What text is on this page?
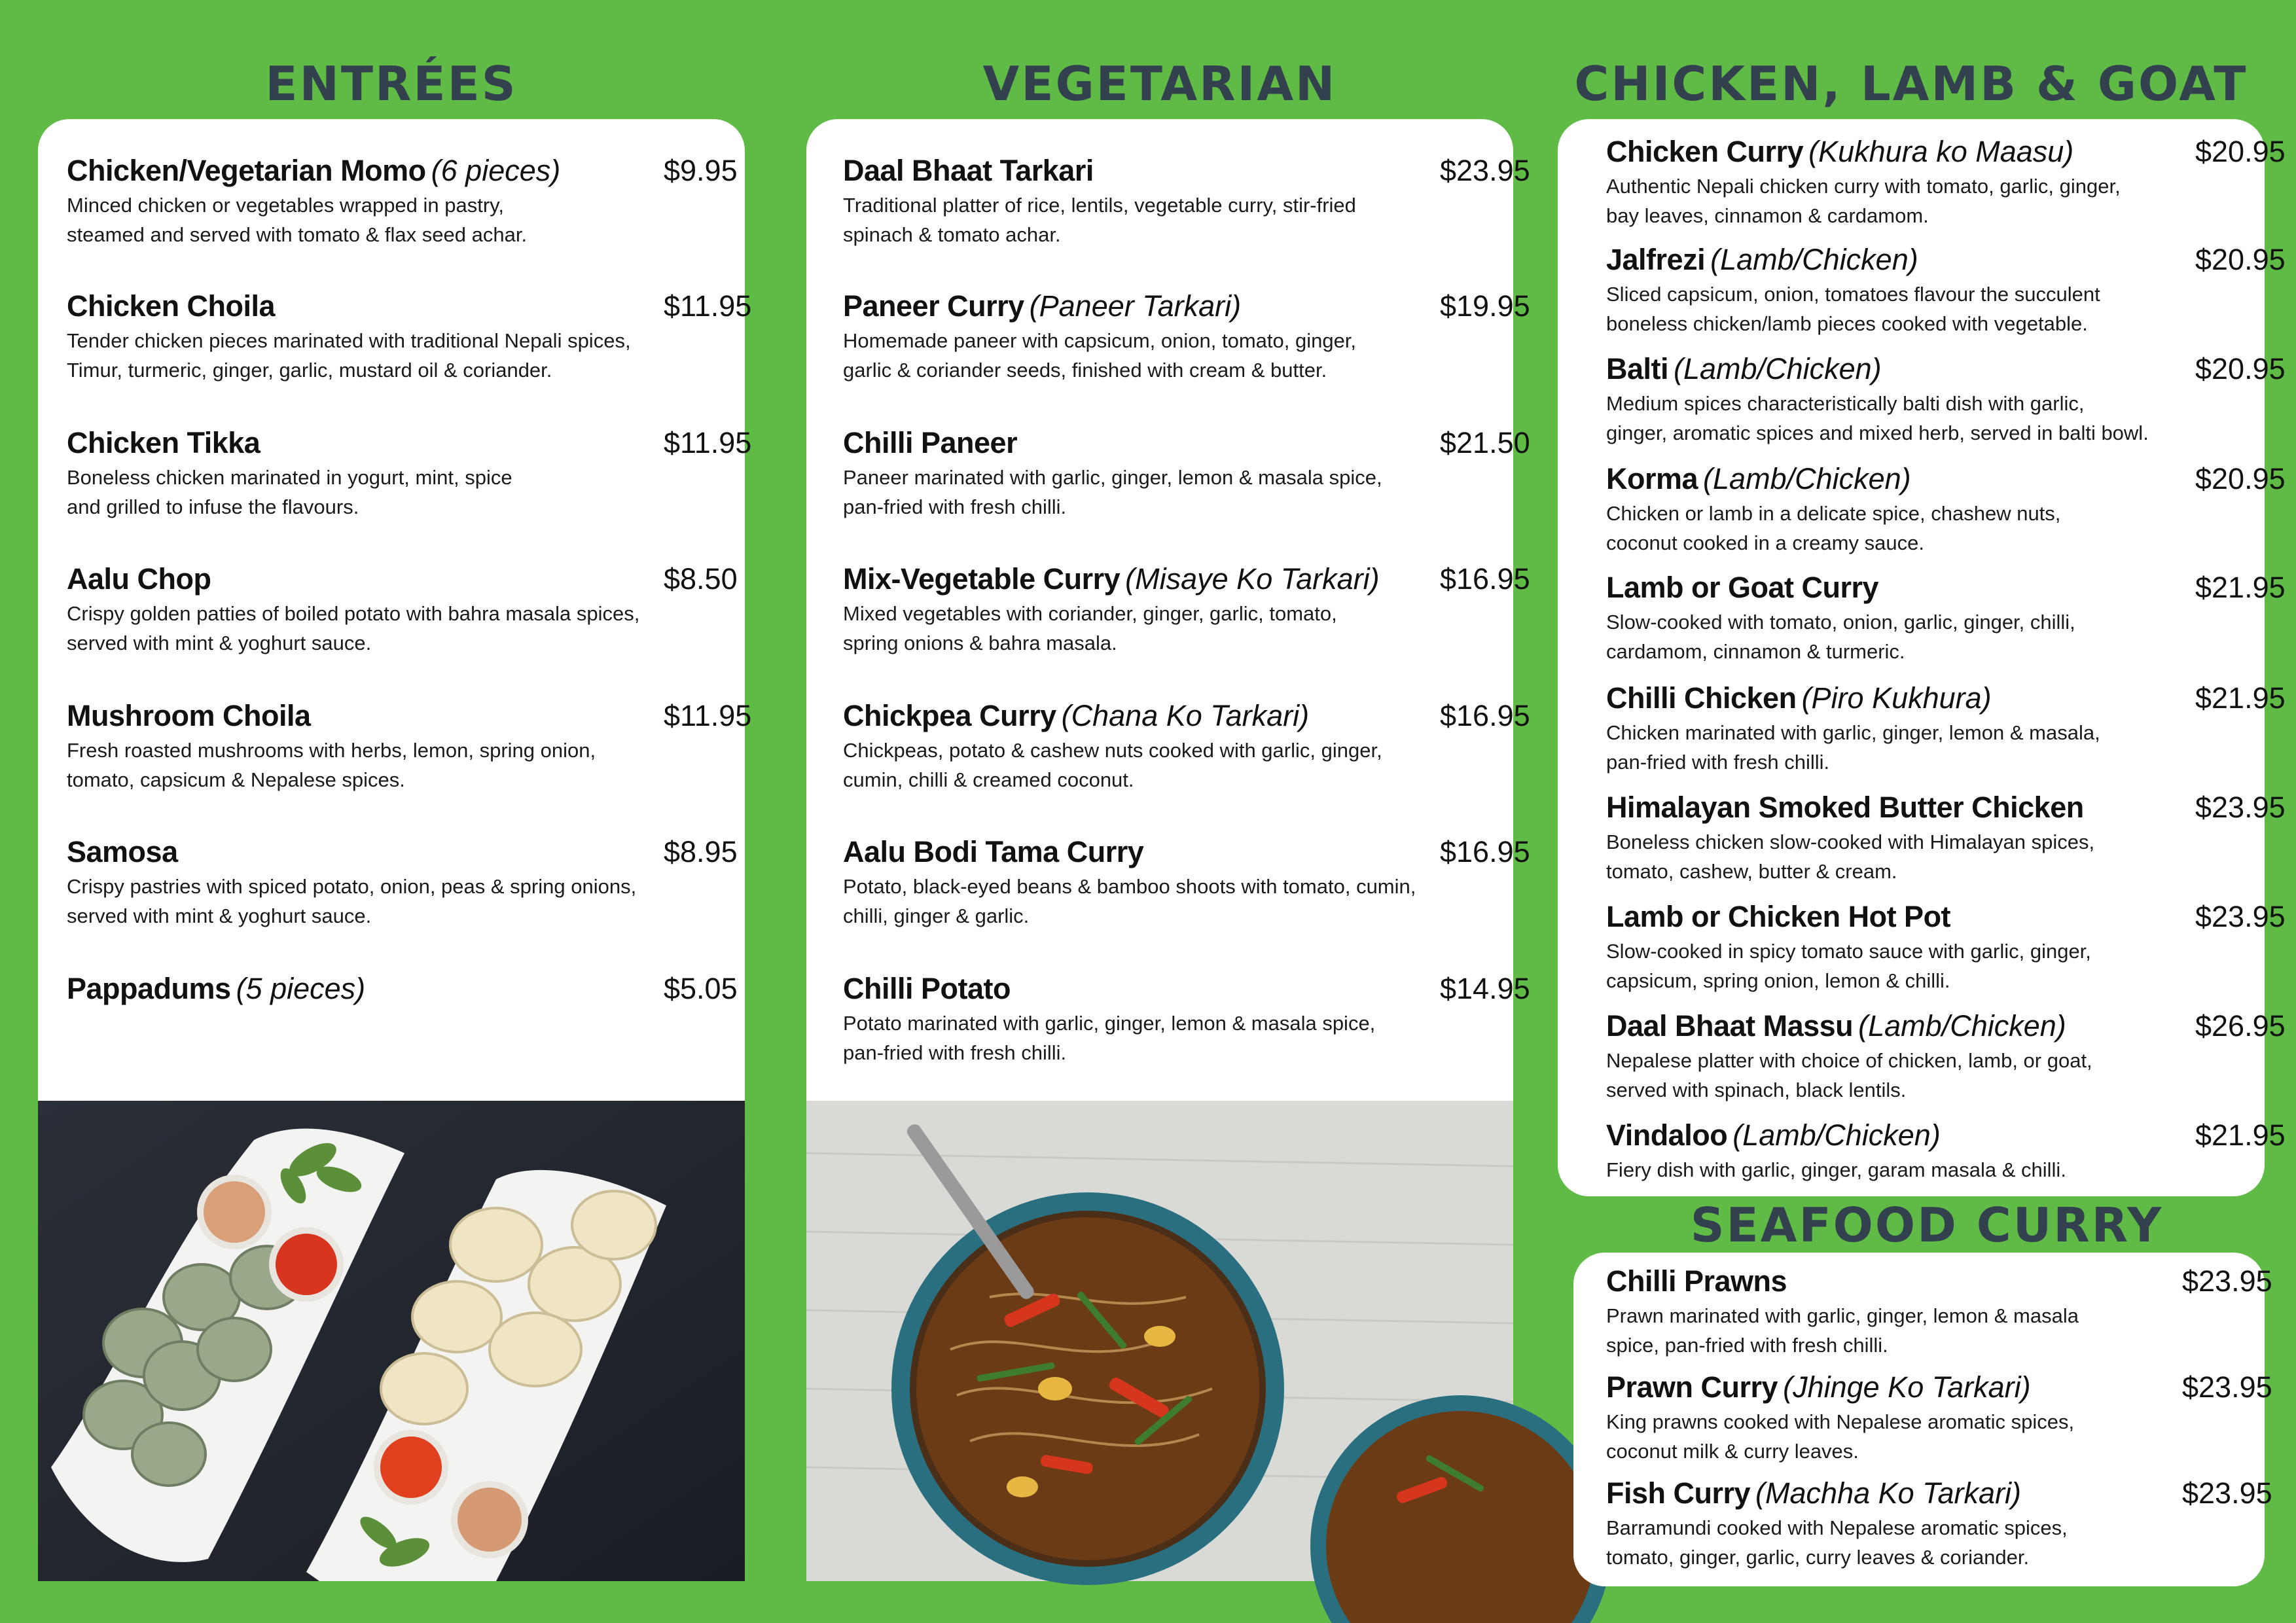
ENTRÉES	VEGETARIAN	CHICKEN, LAMB & GOAT
SEAFOOD CURRY
Chicken/Vegetarian Momo (6 pieces)	$9.95
Minced chicken or vegetables wrapped in pastry,
steamed and served with tomato & flax seed achar.
Chicken Choila	$11.95
Tender chicken pieces marinated with traditional Nepali spices,
Timur, turmeric, ginger, garlic, mustard oil & coriander.
Chicken Tikka	$11.95
Boneless chicken marinated in yogurt, mint, spice
and grilled to infuse the flavours.
Aalu Chop	$8.50
Crispy golden patties of boiled potato with bahra masala spices,
served with mint & yoghurt sauce.
Mushroom Choila	$11.95
Fresh roasted mushrooms with herbs, lemon, spring onion,
tomato, capsicum & Nepalese spices.
Samosa	$8.95
Crispy pastries with spiced potato, onion, peas & spring onions,
served with mint & yoghurt sauce.
Pappadums (5 pieces)	$5.05
Daal Bhaat Tarkari	$23.95
Traditional platter of rice, lentils, vegetable curry, stir-fried
spinach & tomato achar.
Paneer Curry (Paneer Tarkari)	$19.95
Homemade paneer with capsicum, onion, tomato, ginger,
garlic & coriander seeds, finished with cream & butter.
Chilli Paneer	$21.50
Paneer marinated with garlic, ginger, lemon & masala spice,
pan-fried with fresh chilli.
Mix-Vegetable Curry (Misaye Ko Tarkari) $16.95
Mixed vegetables with coriander, ginger, garlic, tomato,
spring onions & bahra masala.
Chickpea Curry (Chana Ko Tarkari)	$16.95
Chickpeas, potato & cashew nuts cooked with garlic, ginger,
cumin, chilli & creamed coconut.
Aalu Bodi Tama Curry	$16.95
Potato, black-eyed beans & bamboo shoots with tomato, cumin,
chilli, ginger & garlic.
Chilli Potato	$14.95
Potato marinated with garlic, ginger, lemon & masala spice,
pan-fried with fresh chilli.
Chicken Curry (Kukhura ko Maasu)	$20.95
Authentic Nepali chicken curry with tomato, garlic, ginger,
bay leaves, cinnamon & cardamom.
Jalfrezi (Lamb/Chicken)	$20.95
Sliced capsicum, onion, tomatoes flavour the succulent
boneless chicken/lamb pieces cooked with vegetable.
Balti (Lamb/Chicken)	$20.95
Medium spices characteristically balti dish with garlic,
ginger, aromatic spices and mixed herb, served in balti bowl.
Korma (Lamb/Chicken)	$20.95
Chicken or lamb in a delicate spice, chashew nuts,
coconut cooked in a creamy sauce.
Lamb or Goat Curry	$21.95
Slow-cooked with tomato, onion, garlic, ginger, chilli,
cardamom, cinnamon & turmeric.
Chilli Chicken (Piro Kukhura)	$21.95
Chicken marinated with garlic, ginger, lemon & masala,
pan-fried with fresh chilli.
Himalayan Smoked Butter Chicken	$23.95
Boneless chicken slow-cooked with Himalayan spices,
tomato, cashew, butter & cream.
Lamb or Chicken Hot Pot	$23.95
Slow-cooked in spicy tomato sauce with garlic, ginger,
capsicum, spring onion, lemon & chilli.
Daal Bhaat Massu (Lamb/Chicken)	$26.95
Nepalese platter with choice of chicken, lamb, or goat,
served with spinach, black lentils.
Vindaloo (Lamb/Chicken)	$21.95
Fiery dish with garlic, ginger, garam masala & chilli.
Chilli Prawns	$23.95
Prawn marinated with garlic, ginger, lemon & masala
spice, pan-fried with fresh chilli.
Prawn Curry (Jhinge Ko Tarkari)	$23.95
King prawns cooked with Nepalese aromatic spices,
coconut milk & curry leaves.
Fish Curry (Machha Ko Tarkari)	$23.95
Barramundi cooked with Nepalese aromatic spices,
tomato, ginger, garlic, curry leaves & coriander.
